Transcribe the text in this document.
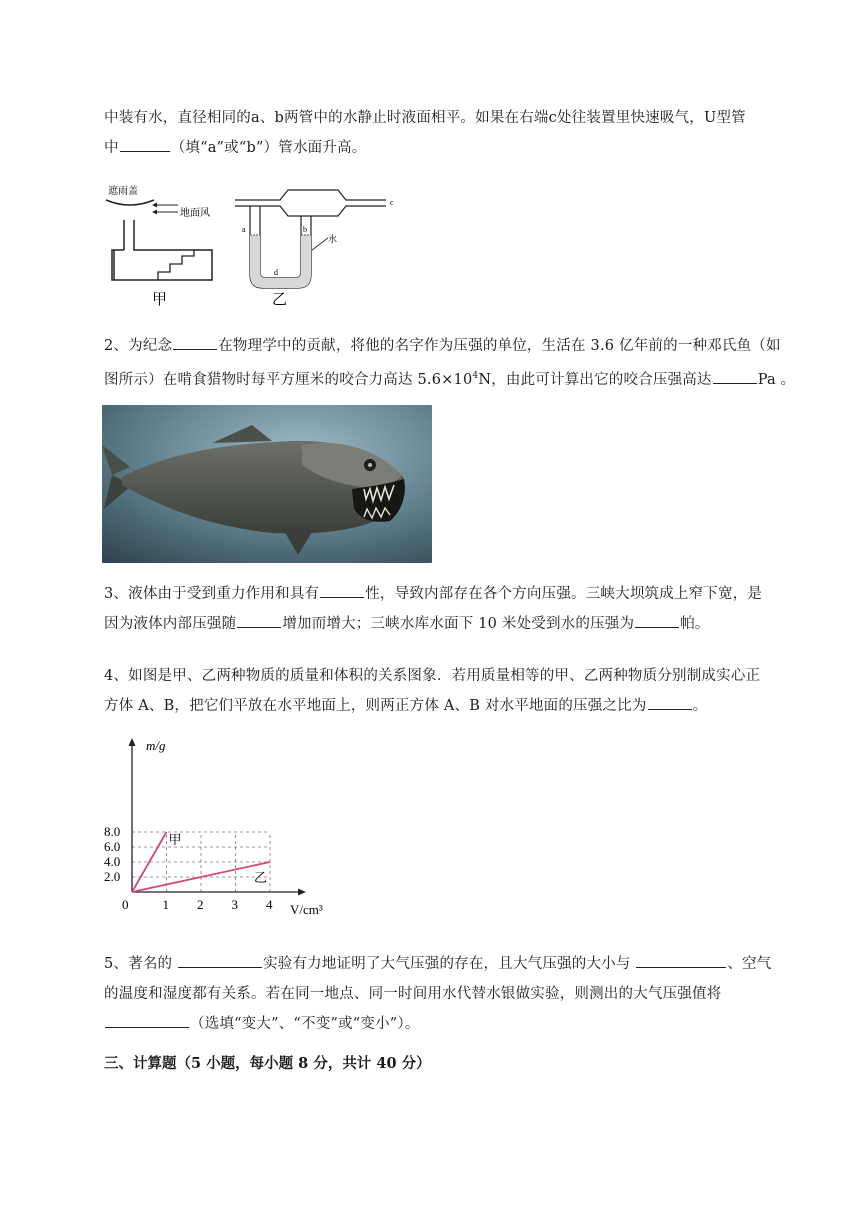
中装有水，直径相同的a、b两管中的水静止时液面相平。如果在右端c处往装置里快速吸气，U型管

中	（填“a”或“b”）管水面升高。

遮雨盖
地面风
甲
c
a	b
d
水
乙

2、为纪念	在物理学中的贡献，将他的名字作为压强的单位，生活在 3.6 亿年前的一种邓氏鱼（如

图所示）在啃食猎物时每平方厘米的咬合力高达 $5.6\times 10^4N$，由此可计算出它的咬合压强高达	Pa 。

3、液体由于受到重力作用和具有	性，导致内部存在各个方向压强。三峡大坝筑成上窄下宽，是

因为液体内部压强随	增加而增大；三峡水库水面下 10 米处受到水的压强为	帕。

4、如图是甲、乙两种物质的质量和体积的关系图象．若用质量相等的甲、乙两种物质分别制成实心正

方体 A、B，把它们平放在水平地面上，则两正方体 A、B 对水平地面的压强之比为	。

m/g
V/cm³
0	1 2 3 4
2.0
4.0
6.0
8.0
甲
乙

5、著名的	实验有力地证明了大气压强的存在，且大气压强的大小与	、空气

的温度和湿度都有关系。若在同一地点、同一时间用水代替水银做实验，则测出的大气压强值将

（选填“变大”、“不变”或“变小”）。

三、计算题（5 小题，每小题 8 分，共计 40 分）
